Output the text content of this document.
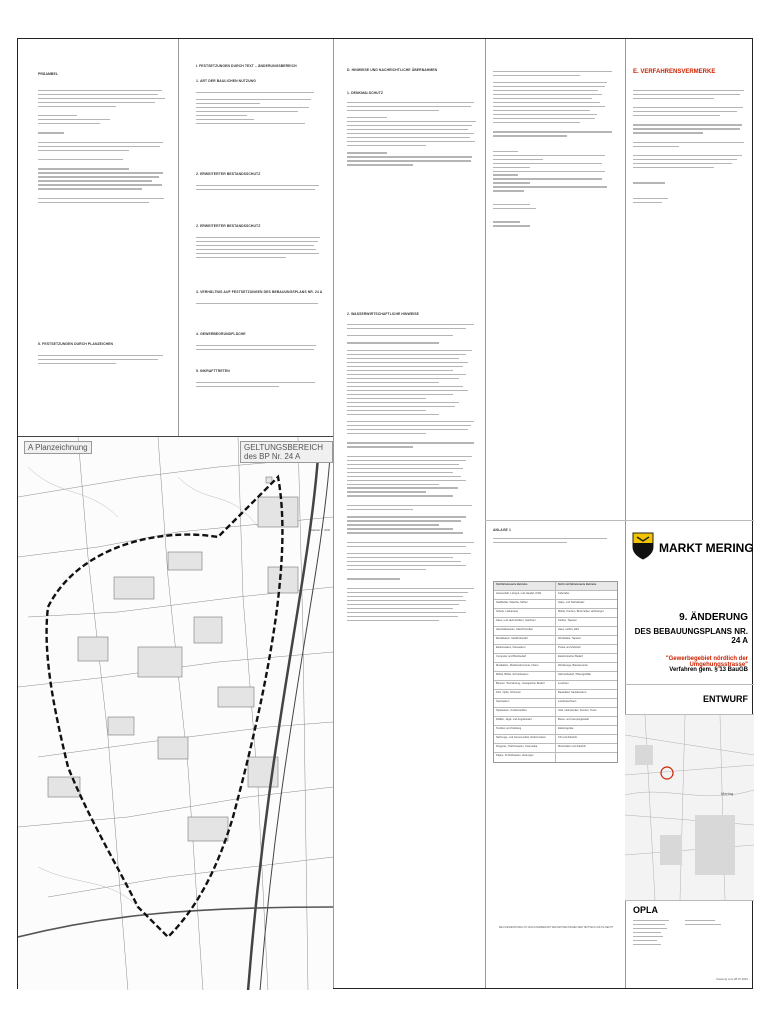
PRÄAMBEL
II. FESTSETZUNGEN DURCH PLANZEICHEN
I. FESTSETZUNGEN DURCH TEXT – ÄNDERUNGSBEREICH
1. ART DER BAULICHEN NUTZUNG
2. ERWEITERTER BESTANDSSCHUTZ
2. ERWEITERTER BESTANDSSCHUTZ
3. VERHÄLTNIS AUF FESTSETZUNGEN DES BEBAUUNGSPLANS NR. 24 A
4. GEWERBEGRUNDFLÄCHE
5. INKRAFTTRETEN
A Planzeichnung	GELTUNGSBEREICH des BP Nr. 24 A
Maßstab 1 : 2000
D. HINWEISE UND NACHRICHTLICHE ÜBERNAHMEN
1. DENKMALSCHUTZ
2. WASSERWIRTSCHAFTLICHE HINWEISE
ANLAGE 1
Störfallrelevante Betriebe	Nicht störfallrelevante Betriebe
Autoverleih, Lehrgut, und Handel, Kfzbl.	Fahrräder
Stadtkeller, Wäsche, Möbel	Gaby- und Nichtabsatz
Schule, Lackiererei	Möbel, Küchen, Büromöbel, Hofzwinger
Haus- und Heimtextilien, Gardinen	Farben, Tapeten
Haushaltswaren, Glas/Porzellan	Haus, Hobby, Elitz
Metallwaren, Medizinbedarf	Werkstätte, Tapeten
Elektrowaren, Kleinwaren	Preise und Zubehör
Computer und Bürobedarf	Elektronischer Bedarf
Musikalien, Musikinstrumente, Noten	Werkzeuge, Bauelemente
Möbel, Bilder, Schreibwaren	Gärtnerbedarf, Pflanzgefäße
Blumen, Tiernahrung, zoologischer Bedarf	Leuchten
Pelz, Optik, Schmuck	Bauartikel, Sanitärwaren
Sportwaren	Landmaschinen
Spielwaren, Outdoorartikel	Holz, Heimwerker, Fenster, Türen
Waffen, Jagd- und Angelbedarf	Boots- und Campingbedarf
Textilien und Kleidung	Elektrogeräte
Nahrungs- und Genussmittel, Reformwaren	Kfz und Zubehör
Drogerie-, Parfümwaren, Kosmetika	Motorräder und Zubehör
Papier, Schreibwaren, Zeitungen
DIE PLANZEICHNUNG IST NUR ZUSAMMEN MIT DEN FESTSETZUNGEN DER TEXTTEILS GÜLTIG RECHT
E. VERFAHRENSVERMERKE
MARKT MERING
9. ÄNDERUNG
DES BEBAUUNGSPLANS NR. 24 A
"Gewerbegebiet nördlich der Umgehungsstrasse"
Verfahren gem. § 13 BauGB
ENTWURF
Mering
OPLA
Fassung vom 28.07.2021
